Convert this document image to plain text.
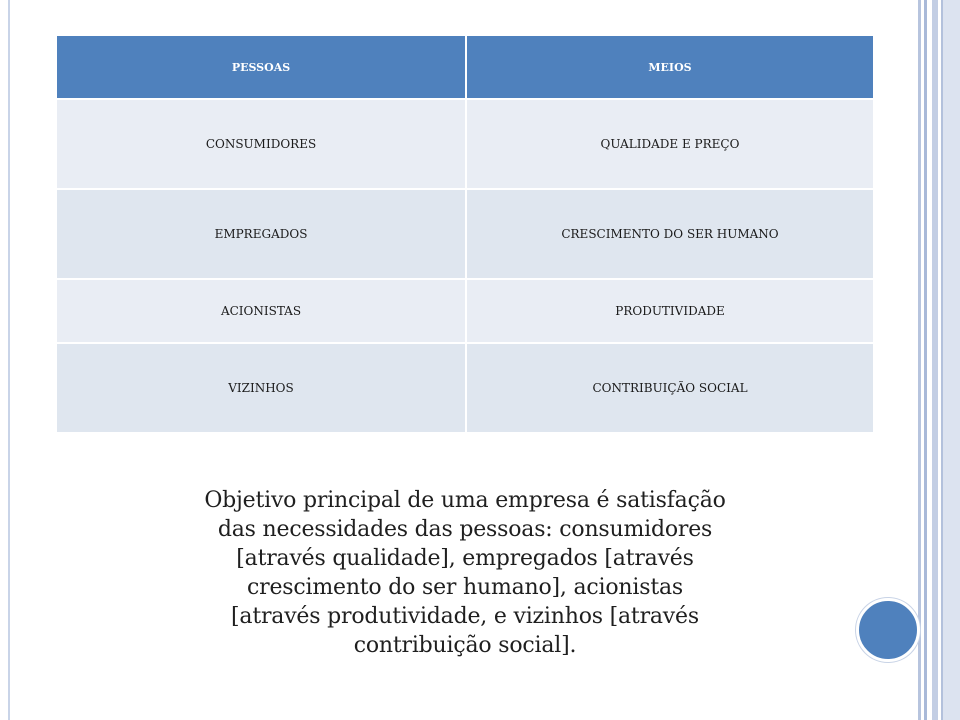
PESSOAS	MEIOS
CONSUMIDORES	QUALIDADE E PREÇO
EMPREGADOS	CRESCIMENTO DO SER HUMANO
ACIONISTAS	PRODUTIVIDADE
VIZINHOS	CONTRIBUIÇÃO SOCIAL
Objetivo principal de uma empresa é satisfação
das necessidades das pessoas: consumidores
[através qualidade], empregados [através
crescimento do ser humano], acionistas
[através produtividade, e vizinhos [através
contribuição social].
